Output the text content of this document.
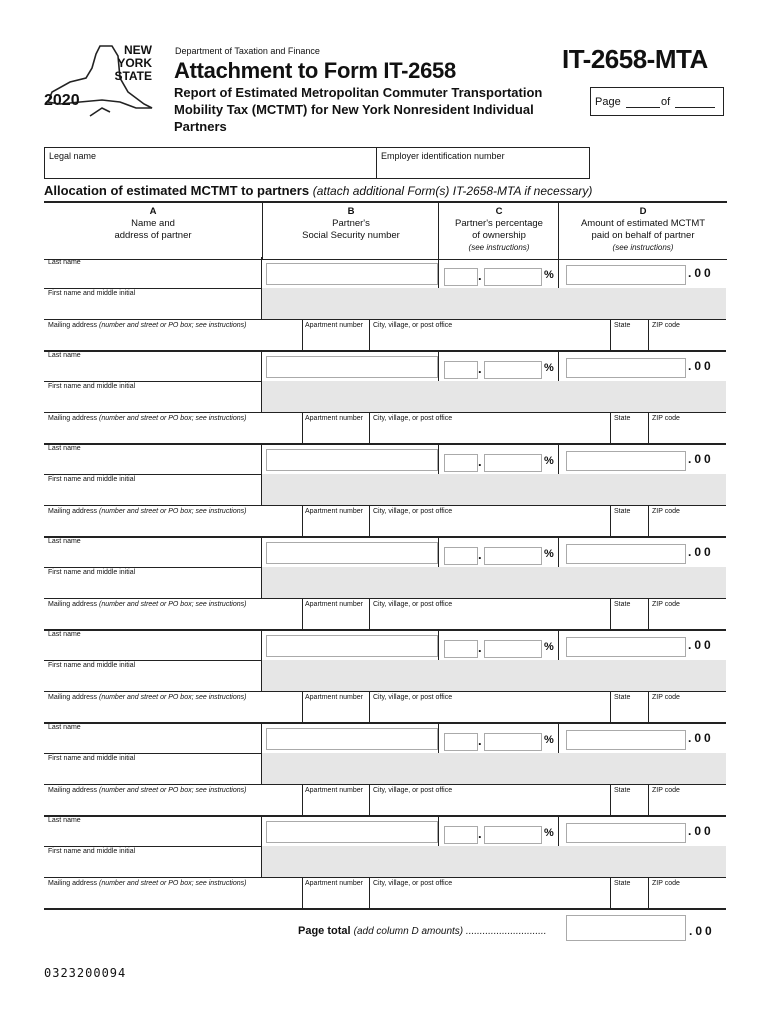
NEW
YORK
STATE
2020
Department of Taxation and Finance
Attachment to Form IT-2658
Report of Estimated Metropolitan Commuter Transportation Mobility Tax (MCTMT) for New York Nonresident Individual Partners
IT-2658-MTA
Page	of
Legal name	Employer identification number
Allocation of estimated MCTMT to partners (attach additional Form(s) IT-2658-MTA if necessary)
A
Name and
address of partner
B
Partner's
Social Security number
C
Partner's percentage
of ownership
(see instructions)
D
Amount of estimated MCTMT
paid on behalf of partner
(see instructions)
Last name
.	%	.00
First name and middle initial
Mailing address (number and street or PO box; see instructions)	Apartment number City, village, or post office	State	ZIP code
Last name
.	%	.00
First name and middle initial
Mailing address (number and street or PO box; see instructions)	Apartment number City, village, or post office	State	ZIP code
Last name
.	%	.00
First name and middle initial
Mailing address (number and street or PO box; see instructions)	Apartment number City, village, or post office	State	ZIP code
Last name
.	%	.00
First name and middle initial
Mailing address (number and street or PO box; see instructions)	Apartment number City, village, or post office	State	ZIP code
Last name
.	%	.00
First name and middle initial
Mailing address (number and street or PO box; see instructions)	Apartment number City, village, or post office	State	ZIP code
Last name
.	%	.00
First name and middle initial
Mailing address (number and street or PO box; see instructions)	Apartment number City, village, or post office	State	ZIP code
Last name
.	%	.00
First name and middle initial
Mailing address (number and street or PO box; see instructions)	Apartment number City, village, or post office	State	ZIP code
Page total (add column D amounts) .............................	.00
0323200094
